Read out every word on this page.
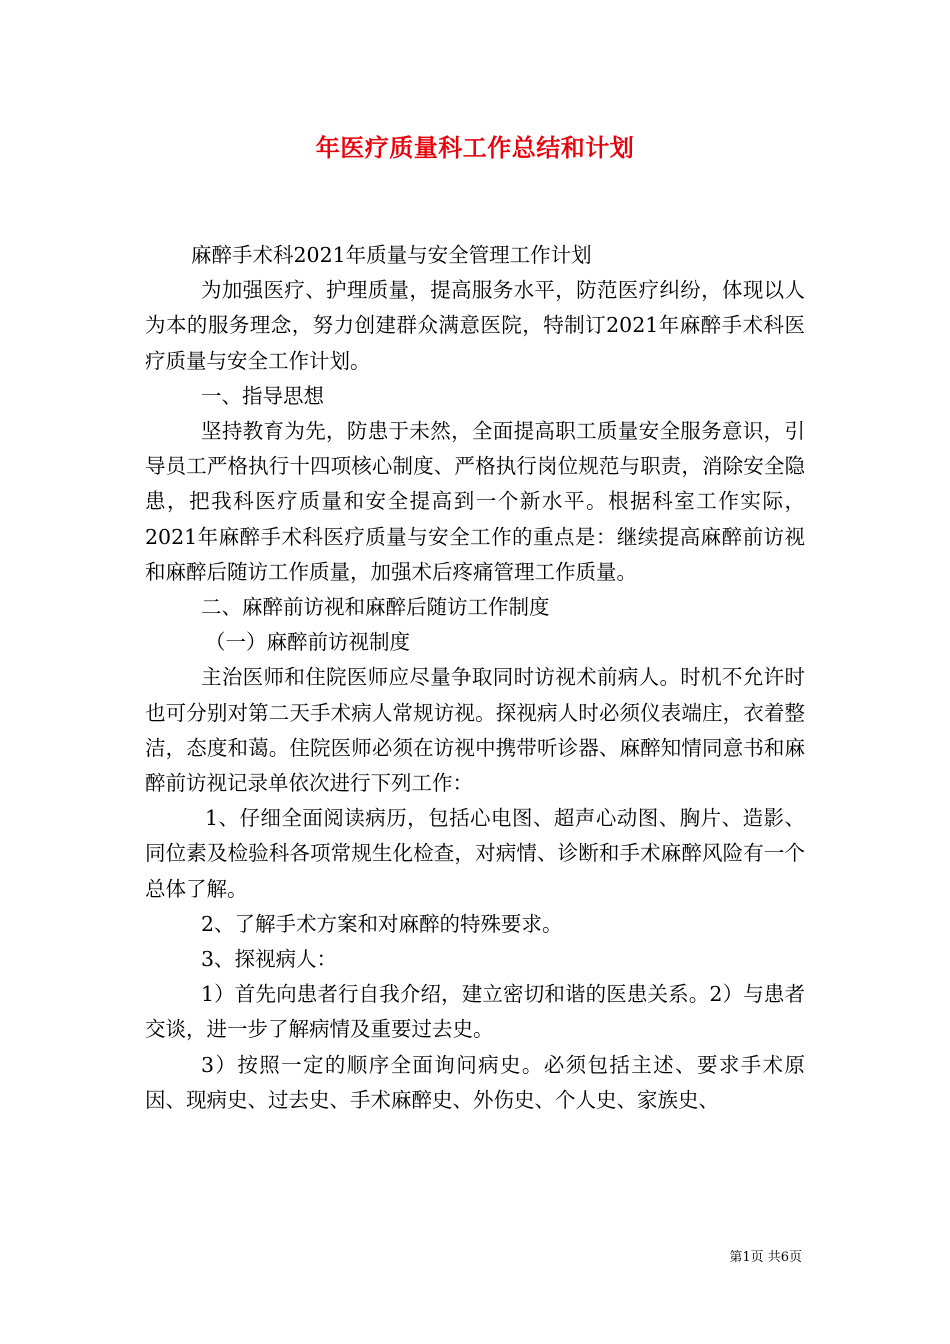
年医疗质量科工作总结和计划

麻醉手术科2021年质量与安全管理工作计划

为加强医疗、护理质量，提高服务水平，防范医疗纠纷，体现以人为本的服务理念，努力创建群众满意医院，特制订2021年麻醉手术科医疗质量与安全工作计划。

一、指导思想

坚持教育为先，防患于未然，全面提高职工质量安全服务意识，引导员工严格执行十四项核心制度、严格执行岗位规范与职责，消除安全隐患，把我科医疗质量和安全提高到一个新水平。根据科室工作实际，2021年麻醉手术科医疗质量与安全工作的重点是：继续提高麻醉前访视和麻醉后随访工作质量，加强术后疼痛管理工作质量。

二、麻醉前访视和麻醉后随访工作制度

（一）麻醉前访视制度

主治医师和住院医师应尽量争取同时访视术前病人。时机不允许时也可分别对第二天手术病人常规访视。探视病人时必须仪表端庄，衣着整洁，态度和蔼。住院医师必须在访视中携带听诊器、麻醉知情同意书和麻醉前访视记录单依次进行下列工作：

1、仔细全面阅读病历，包括心电图、超声心动图、胸片、造影、同位素及检验科各项常规生化检查，对病情、诊断和手术麻醉风险有一个总体了解。

2、了解手术方案和对麻醉的特殊要求。

3、探视病人：

1）首先向患者行自我介绍，建立密切和谐的医患关系。2）与患者交谈，进一步了解病情及重要过去史。

3）按照一定的顺序全面询问病史。必须包括主述、要求手术原因、现病史、过去史、手术麻醉史、外伤史、个人史、家族史、

第1页 共6页
